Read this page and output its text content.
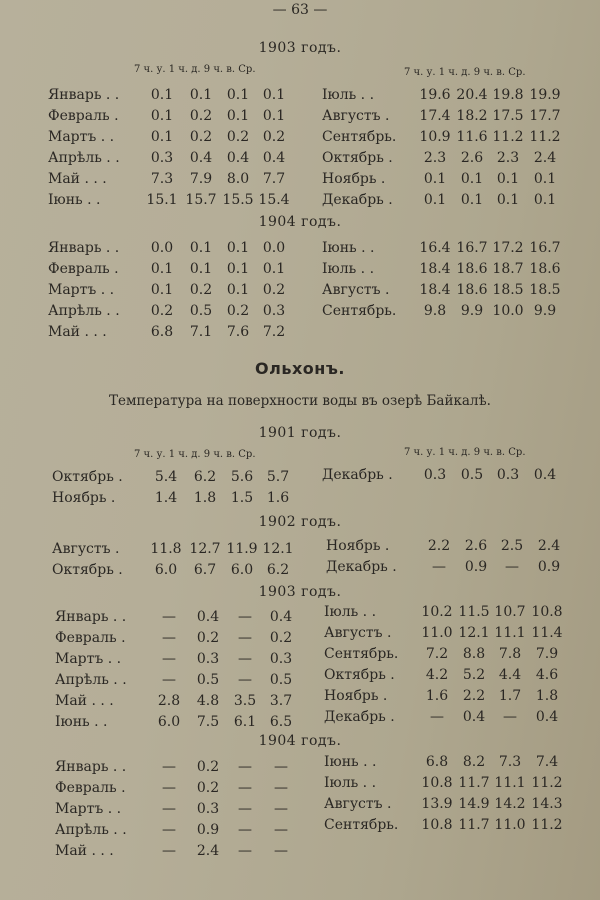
— 63 —
1903 годъ.
7 ч. у. 1 ч. д. 9 ч. в. Ср.	7 ч. у. 1 ч. д. 9 ч. в. Ср.
Январь . .	0.1	0.1	0.1 0.1
Февраль .	0.1	0.2	0.1 0.1
Мартъ . .	0.1	0.2	0.2 0.2
Апрѣль . .	0.3	0.4	0.4 0.4
Май . . .	7.3	7.9	8.0 7.7
Іюнь . .	15.1 15.7 15.5 15.4
Іюль . .	19.6 20.4 19.8 19.9
Августъ . 17.4 18.2 17.5 17.7
Сентябрь. 10.9 11.6 11.2 11.2
Октябрь .	2.3	2.6 2.3	2.4
Ноябрь .	0.1	0.1 0.1	0.1
Декабрь .	0.1	0.1 0.1	0.1
1904 годъ.
Январь . .	0.0	0.1	0.1 0.0
Февраль .	0.1	0.1	0.1 0.1
Мартъ . .	0.1	0.2	0.1 0.2
Апрѣль . .	0.2	0.5	0.2 0.3
Май . . .	6.8	7.1	7.6 7.2
Іюнь . .	16.4 16.7 17.2 16.7
Іюль . .	18.4 18.6 18.7 18.6
Августъ . 18.4 18.6 18.5 18.5
Сентябрь.	9.8	9.9 10.0 9.9
Ольхонъ.
Температура на поверхности воды въ озерѣ Байкалѣ.
1901 годъ.
7 ч. у. 1 ч. д. 9 ч. в. Ср.	7 ч. у. 1 ч. д. 9 ч. в. Ср.
Октябрь .	5.4	6.2	5.6 5.7
Ноябрь .	1.4	1.8	1.5 1.6
Декабрь .	0.3	0.5 0.3	0.4
1902 годъ.
Августъ . 11.8 12.7 11.9 12.1
Октябрь .	6.0	6.7	6.0 6.2
Ноябрь .	2.2	2.6 2.5	2.4
Декабрь .	—	0.9	—	0.9
1903 годъ.
Январь . .	—	0.4	—	0.4
Февраль .	—	0.2	—	0.2
Мартъ . .	—	0.3	—	0.3
Апрѣль . .	—	0.5	—	0.5
Май . . .	2.8	4.8	3.5 3.7
Іюнь . .	6.0	7.5	6.1 6.5
Іюль . .	10.2 11.5 10.7 10.8
Августъ . 11.0 12.1 11.1 11.4
Сентябрь.	7.2	8.8 7.8	7.9
Октябрь .	4.2	5.2 4.4	4.6
Ноябрь .	1.6	2.2 1.7	1.8
Декабрь .	—	0.4	—	0.4
1904 годъ.
Январь . .	—	0.2	—	—
Февраль .	—	0.2	—	—
Мартъ . .	—	0.3	—	—
Апрѣль . .	—	0.9	—	—
Май . . .	—	2.4	—	—
Іюнь . .	6.8	8.2 7.3	7.4
Іюль . .	10.8 11.7 11.1 11.2
Августъ . 13.9 14.9 14.2 14.3
Сентябрь. 10.8 11.7 11.0 11.2
